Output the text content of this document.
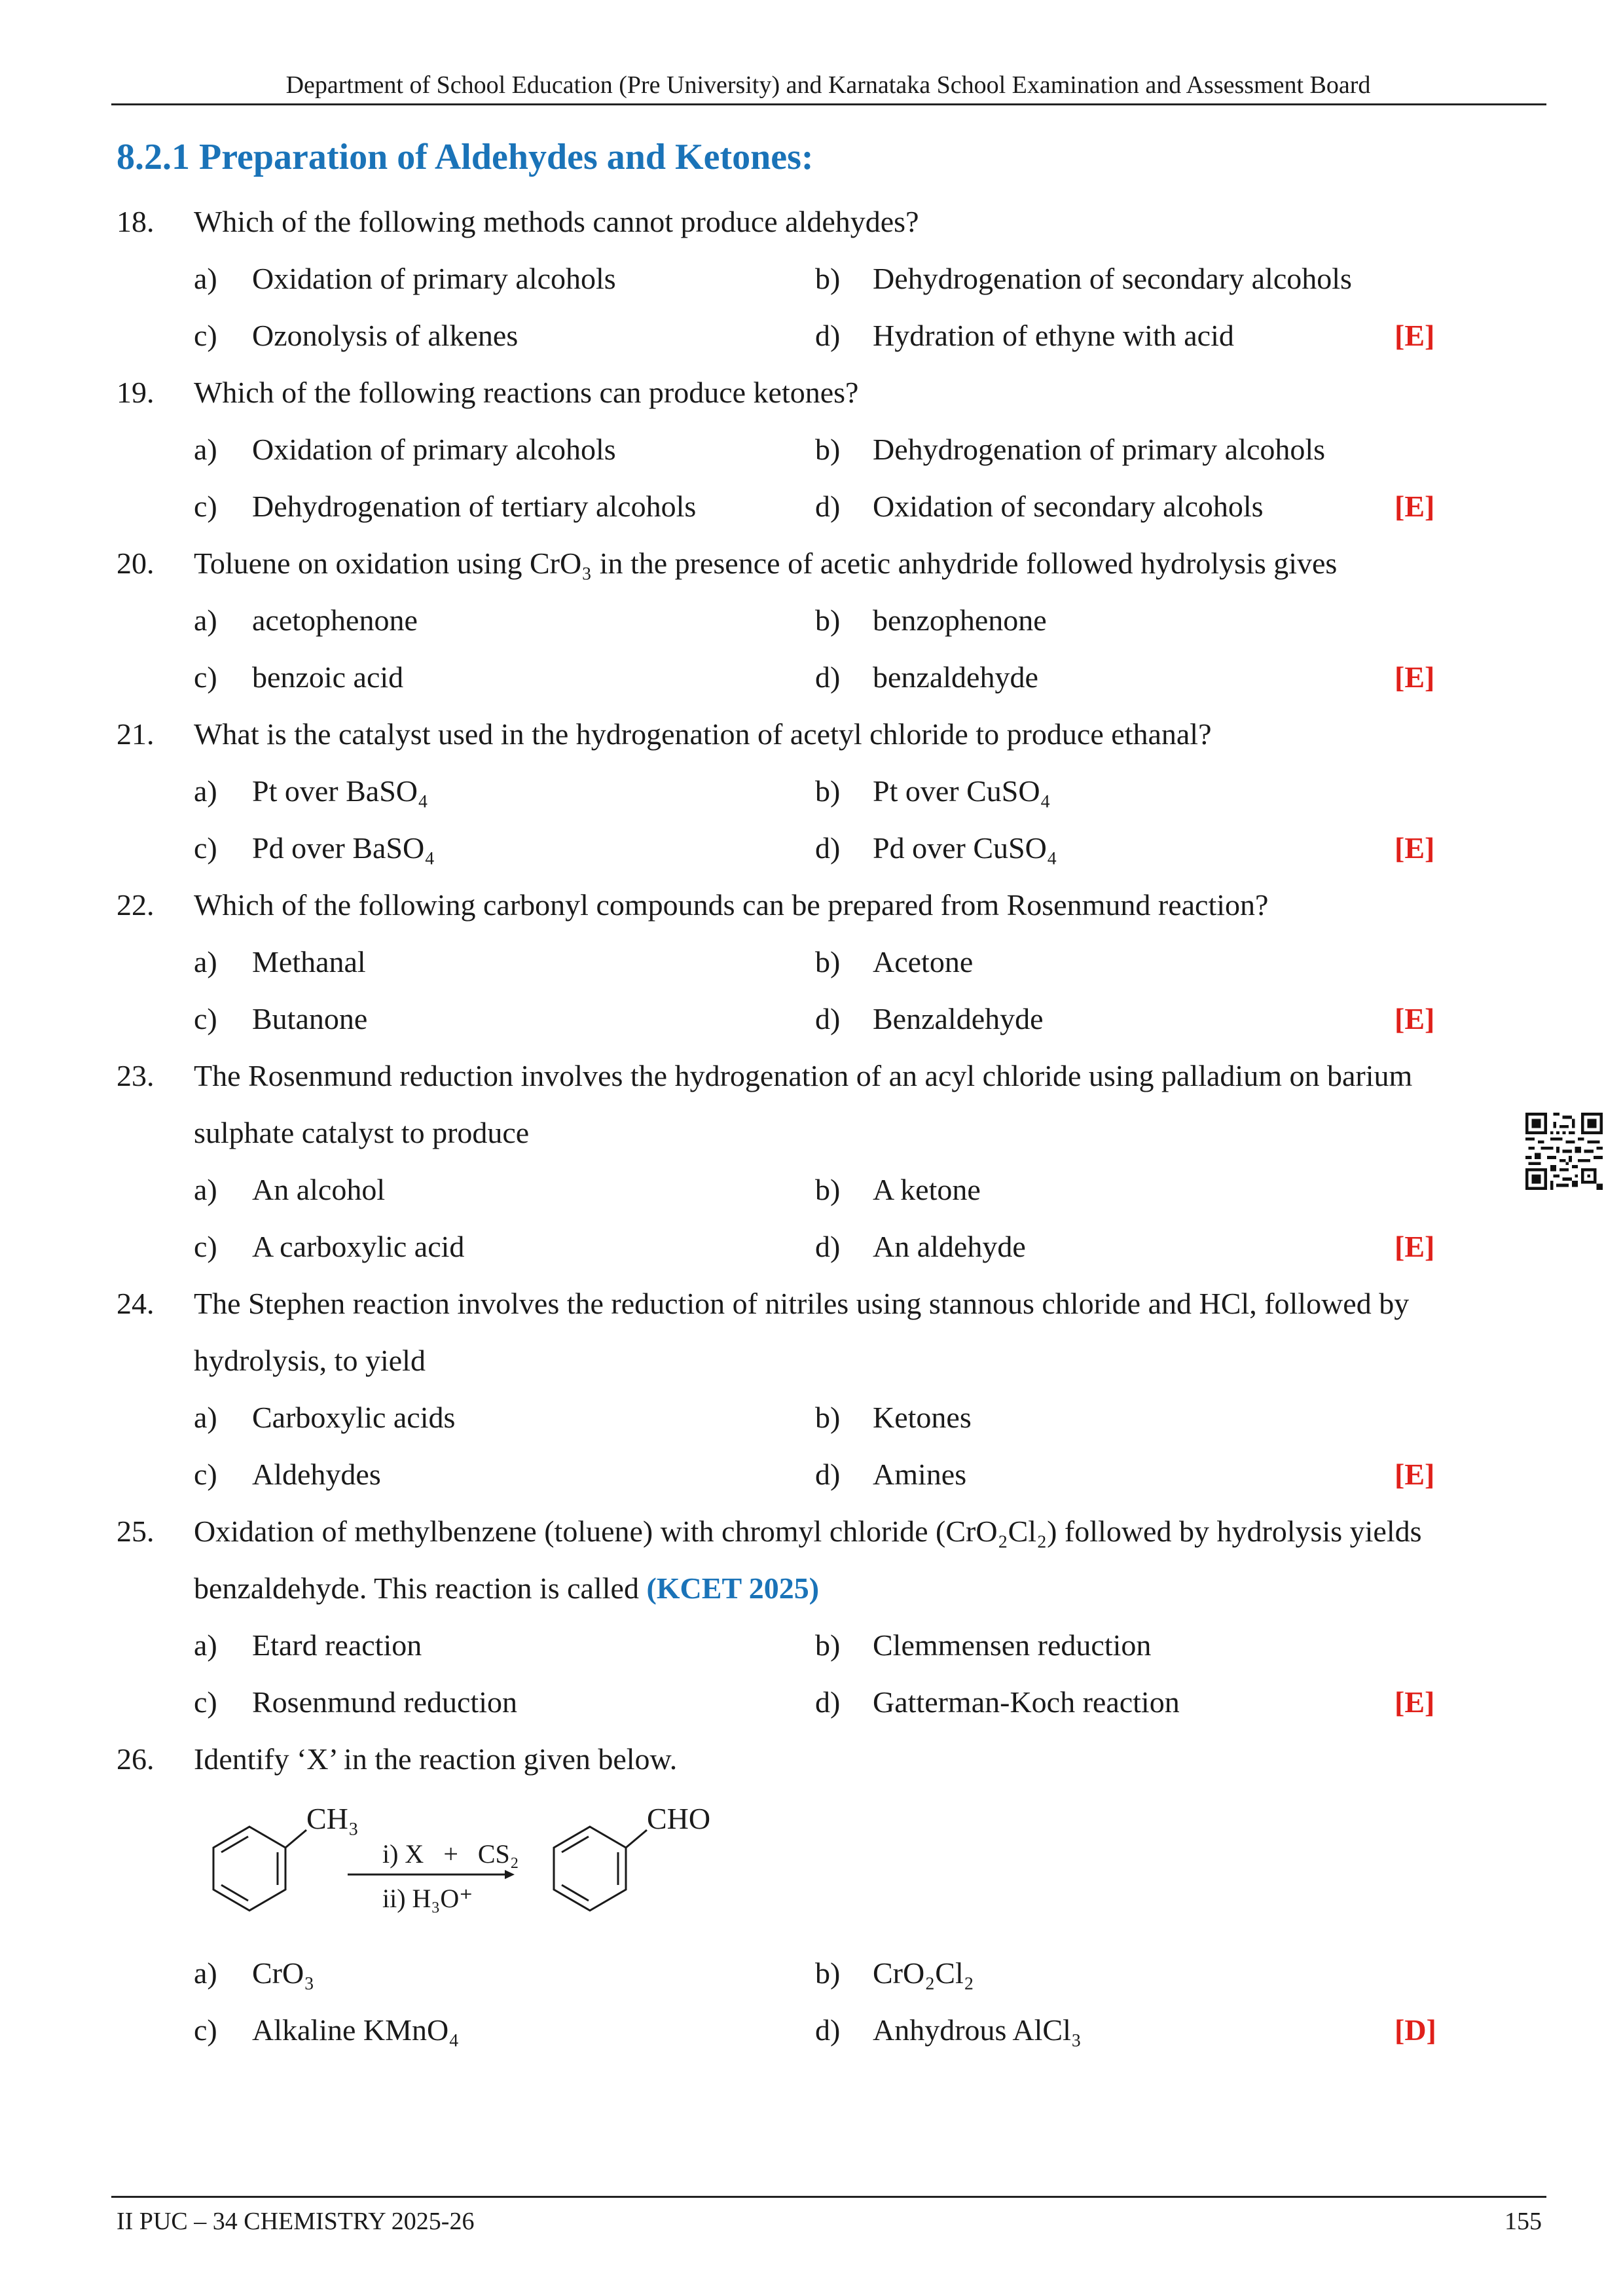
Department of School Education (Pre University) and Karnataka School Examination and Assessment Board
8.2.1 Preparation of Aldehydes and Ketones:
18. Which of the following methods cannot produce aldehydes?
a) Oxidation of primary alcohols	b) Dehydrogenation of secondary alcohols
c) Ozonolysis of alkenes	d) Hydration of ethyne with acid	[E]
19. Which of the following reactions can produce ketones?
a) Oxidation of primary alcohols	b) Dehydrogenation of primary alcohols
c) Dehydrogenation of tertiary alcohols	d) Oxidation of secondary alcohols	[E]
20. Toluene on oxidation using CrO₃ in the presence of acetic anhydride followed hydrolysis gives
a) acetophenone	b) benzophenone
c) benzoic acid	d) benzaldehyde	[E]
21. What is the catalyst used in the hydrogenation of acetyl chloride to produce ethanal?
a) Pt over BaSO₄	b) Pt over CuSO₄
c) Pd over BaSO₄	d) Pd over CuSO₄	[E]
22. Which of the following carbonyl compounds can be prepared from Rosenmund reaction?
a) Methanal	b) Acetone
c) Butanone	d) Benzaldehyde	[E]
23. The Rosenmund reduction involves the hydrogenation of an acyl chloride using palladium on barium
sulphate catalyst to produce
a) An alcohol	b) A ketone
c) A carboxylic acid	d) An aldehyde	[E]
24. The Stephen reaction involves the reduction of nitriles using stannous chloride and HCl, followed by
hydrolysis, to yield
a) Carboxylic acids	b) Ketones
c) Aldehydes	d) Amines	[E]
25. Oxidation of methylbenzene (toluene) with chromyl chloride (CrO₂Cl₂) followed by hydrolysis yields
benzaldehyde. This reaction is called (KCET 2025)
a) Etard reaction	b) Clemmensen reduction
c) Rosenmund reduction	d) Gatterman-Koch reaction	[E]
26. Identify ‘X’ in the reaction given below.
CH₃
i) X   +   CS₂
ii) H₃O⁺
CHO
a) CrO₃	b) CrO₂Cl₂
c) Alkaline KMnO₄	d) Anhydrous AlCl₃	[D]
II PUC – 34 CHEMISTRY 2025-26	155
